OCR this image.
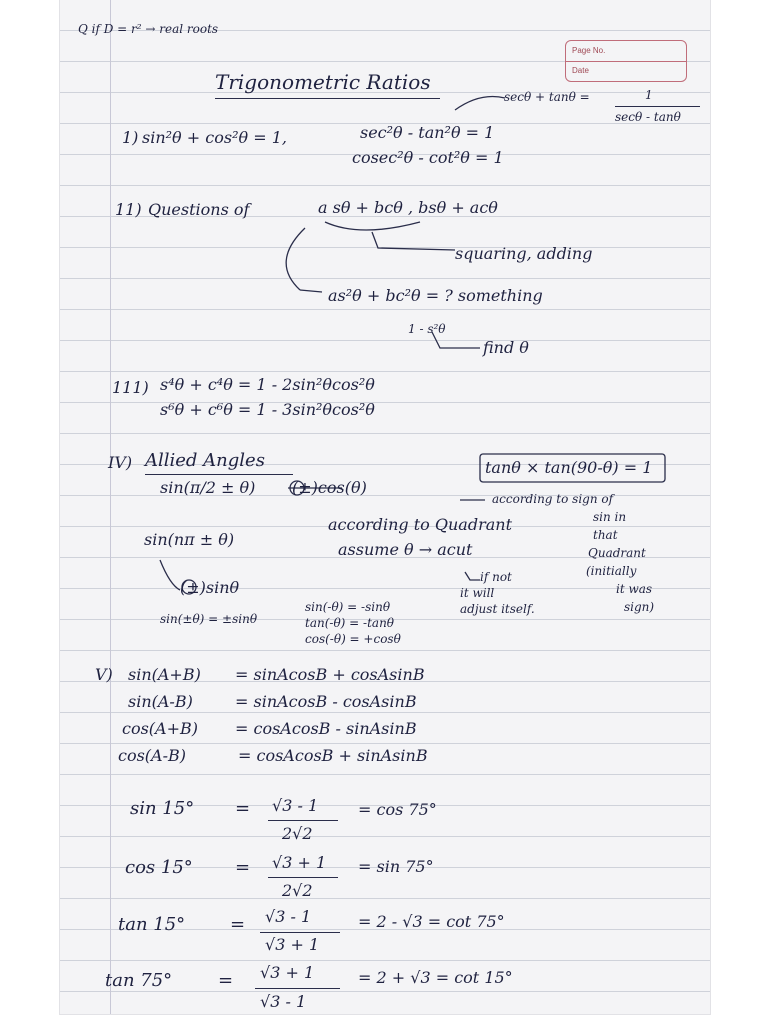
Page No.
Date
Q if D = r² → real roots
Trigonometric Ratios
secθ + tanθ =	1
secθ - tanθ
1) sin²θ + cos²θ = 1,	sec²θ - tan²θ = 1
cosec²θ - cot²θ = 1
11) Questions of	a sθ + bcθ , bsθ + acθ
squaring, adding
as²θ + bc²θ = ? something
1 - s²θ
find θ
111) s⁴θ + c⁴θ = 1 - 2sin²θcos²θ
s⁶θ + c⁶θ = 1 - 3sin²θcos²θ
IV) Allied Angles	tanθ × tan(90-θ) = 1
sin(π/2 ± θ) (±)cos(θ)
according to sign of
sin in
that
Quadrant
(initially
it was
sign)
according to Quadrant
assume θ → acut
if not
it will
adjust itself.
sin(nπ ± θ)
(±)sinθ
sin(±θ) = ±sinθ
sin(-θ) = -sinθ
tan(-θ) = -tanθ
cos(-θ) = +cosθ
V) sin(A+B) = sinAcosB + cosAsinB
sin(A-B)	= sinAcosB - cosAsinB
cos(A+B) = cosAcosB - sinAsinB
cos(A-B)	= cosAcosB + sinAsinB
sin 15° = √3 - 1
2√2
= cos 75°
cos 15° = √3 + 1
2√2
= sin 75°
tan 15° = √3 - 1
√3 + 1
= 2 - √3 = cot 75°
tan 75°	= √3 + 1
√3 - 1
= 2 + √3 = cot 15°
